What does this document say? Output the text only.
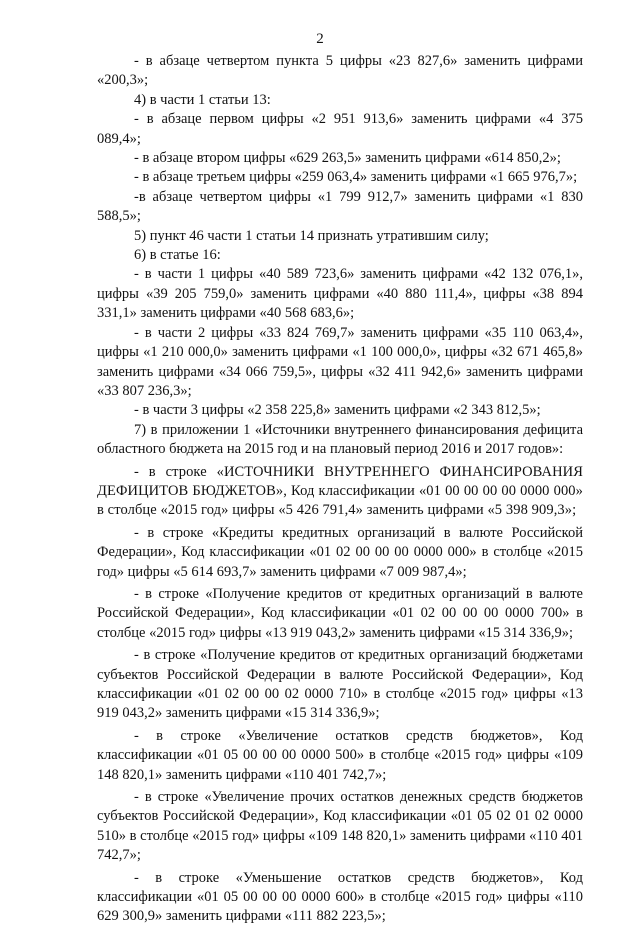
2

- в абзаце четвертом пункта 5 цифры «23 827,6» заменить цифрами «200,3»;

4) в части 1 статьи 13:

- в абзаце первом цифры «2 951 913,6» заменить цифрами «4 375 089,4»;

- в абзаце втором цифры «629 263,5» заменить цифрами «614 850,2»;

- в абзаце третьем цифры «259 063,4» заменить цифрами «1 665 976,7»;

-в абзаце четвертом цифры «1 799 912,7» заменить цифрами «1 830 588,5»;

5) пункт 46 части 1 статьи 14 признать утратившим силу;

6) в статье 16:

- в части 1 цифры «40 589 723,6» заменить цифрами «42 132 076,1», цифры «39 205 759,0» заменить цифрами «40 880 111,4», цифры «38 894 331,1» заменить цифрами «40 568 683,6»;

- в части 2 цифры «33 824 769,7» заменить цифрами «35 110 063,4», цифры «1 210 000,0» заменить цифрами «1 100 000,0», цифры «32 671 465,8» заменить цифрами «34 066 759,5», цифры «32 411 942,6» заменить цифрами «33 807 236,3»;

- в части 3 цифры «2 358 225,8» заменить цифрами «2 343 812,5»;

7) в приложении 1 «Источники внутреннего финансирования дефицита областного бюджета на 2015 год и на плановый период 2016 и 2017 годов»:

- в строке «ИСТОЧНИКИ ВНУТРЕННЕГО ФИНАНСИРОВАНИЯ ДЕФИЦИТОВ БЮДЖЕТОВ», Код классификации «01 00 00 00 00 0000 000» в столбце «2015 год» цифры «5 426 791,4» заменить цифрами «5 398 909,3»;

- в строке «Кредиты кредитных организаций в валюте Российской Федерации», Код классификации «01 02 00 00 00 0000 000» в столбце «2015 год» цифры «5 614 693,7» заменить цифрами «7 009 987,4»;

- в строке «Получение кредитов от кредитных организаций в валюте Российской Федерации», Код классификации «01 02 00 00 00 0000 700» в столбце «2015 год» цифры «13 919 043,2» заменить цифрами «15 314 336,9»;

- в строке «Получение кредитов от кредитных организаций бюджетами субъектов Российской Федерации в валюте Российской Федерации», Код классификации «01 02 00 00 02 0000 710» в столбце «2015 год» цифры «13 919 043,2» заменить цифрами «15 314 336,9»;

- в строке «Увеличение остатков средств бюджетов», Код классификации «01 05 00 00 00 0000 500» в столбце «2015 год» цифры «109 148 820,1» заменить цифрами «110 401 742,7»;

- в строке «Увеличение прочих остатков денежных средств бюджетов субъектов Российской Федерации», Код классификации «01 05 02 01 02 0000 510» в столбце «2015 год» цифры «109 148 820,1» заменить цифрами «110 401 742,7»;

- в строке «Уменьшение остатков средств бюджетов», Код классификации «01 05 00 00 00 0000 600» в столбце «2015 год» цифры «110 629 300,9» заменить цифрами «111 882 223,5»;
